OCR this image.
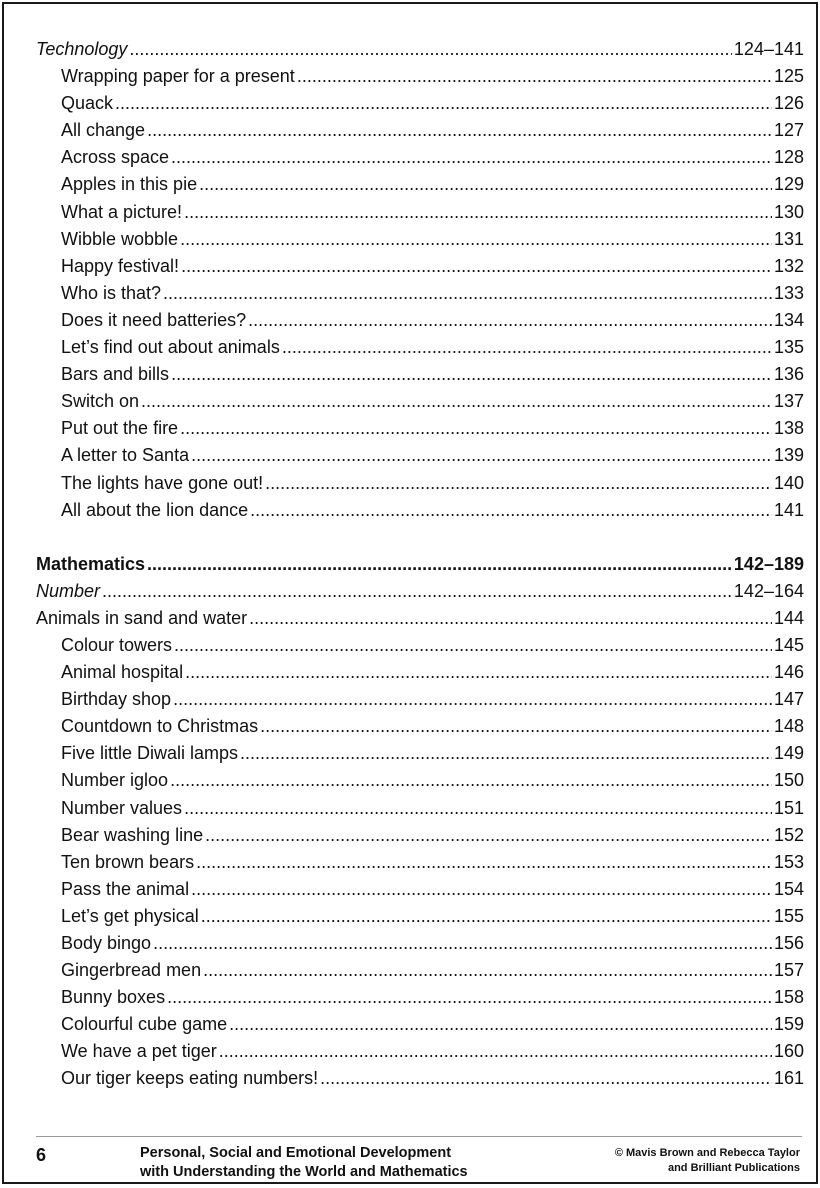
Technology .....	124–141
Wrapping paper for a present .....	125
Quack .....	126
All change .....	127
Across space .....	128
Apples in this pie .....	129
What a picture! .....	130
Wibble wobble .....	131
Happy festival! .....	132
Who is that? .....	133
Does it need batteries? .....	134
Let’s find out about animals .....	135
Bars and bills .....	136
Switch on .....	137
Put out the fire .....	138
A letter to Santa .....	139
The lights have gone out! .....	140
All about the lion dance .....	141
Mathematics .....	142–189
Number .....	142–164
Animals in sand and water .....	144
Colour towers .....	145
Animal hospital .....	146
Birthday shop .....	147
Countdown to Christmas .....	148
Five little Diwali lamps .....	149
Number igloo .....	150
Number values .....	151
Bear washing line .....	152
Ten brown bears .....	153
Pass the animal .....	154
Let’s get physical .....	155
Body bingo .....	156
Gingerbread men .....	157
Bunny boxes .....	158
Colourful cube game .....	159
We have a pet tiger .....	160
Our tiger keeps eating numbers! .....	161
6	Personal, Social and Emotional Development
with Understanding the World and Mathematics
© Mavis Brown and Rebecca Taylor
and Brilliant Publications
